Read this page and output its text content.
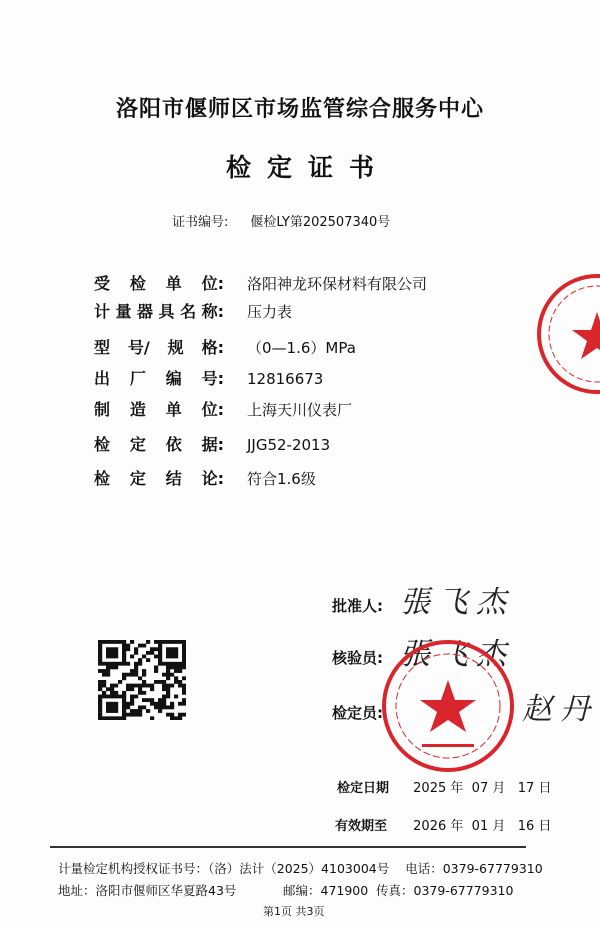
洛阳市偃师区市场监管综合服务中心
检定证书
证书编号: 偃检LY第202507340号
受 检 单 位: 洛阳神龙环保材料有限公司
计 量 器 具 名 称: 压力表
型 号/ 规 格: （0—1.6）MPa
出 厂 编 号: 12816673
制 造 单 位: 上海天川仪表厂
检 定 依 据: JJG52-2013
检 定 结 论: 符合1.6级
批准人: 張飞杰
核验员: 張飞杰
检定员:	赵丹
检定日期 2025 年 07 月 17 日
有效期至 2026 年 01 月 16 日
计量检定机构授权证书号：（洛）法计（2025）4103004号 电话：0379-67779310
地址：洛阳市偃师区华夏路43号	邮编：471900 传真：0379-67779310
第1页 共3页
